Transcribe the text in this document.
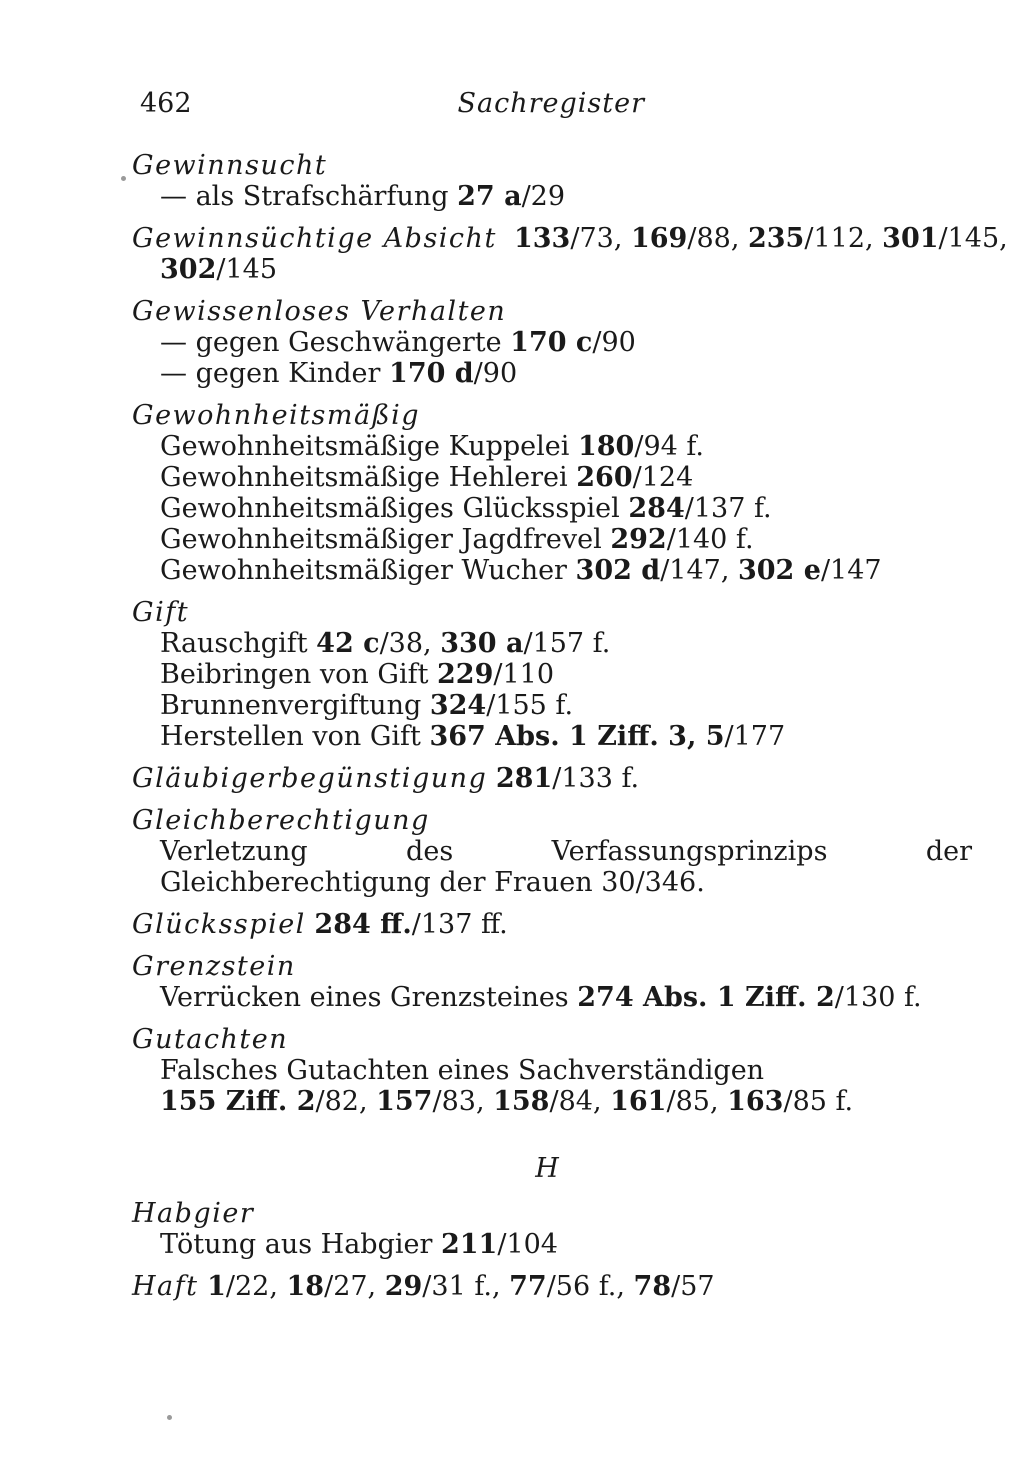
462	Sachregister
Gewinnsucht
— als Strafschärfung 27 a/29
Gewinnsüchtige Absicht 133/73, 169/88, 235/112, 301/145,
302/145
Gewissenloses Verhalten
— gegen Geschwängerte 170 c/90
— gegen Kinder 170 d/90
Gewohnheitsmäßig
Gewohnheitsmäßige Kuppelei 180/94 f.
Gewohnheitsmäßige Hehlerei 260/124
Gewohnheitsmäßiges Glücksspiel 284/137 f.
Gewohnheitsmäßiger Jagdfrevel 292/140 f.
Gewohnheitsmäßiger Wucher 302 d/147, 302 e/147
Gift
Rauschgift 42 c/38, 330 a/157 f.
Beibringen von Gift 229/110
Brunnenvergiftung 324/155 f.
Herstellen von Gift 367 Abs. 1 Ziff. 3, 5/177
Gläubigerbegünstigung 281/133 f.
Gleichberechtigung
Verletzung des Verfassungsprinzips der Gleichberechtigung der Frauen 30/346.
Glücksspiel 284 ff./137 ff.
Grenzstein
Verrücken eines Grenzsteines 274 Abs. 1 Ziff. 2/130 f.
Gutachten
Falsches Gutachten eines Sachverständigen
155 Ziff. 2/82, 157/83, 158/84, 161/85, 163/85 f.
H
Habgier
Tötung aus Habgier 211/104
Haft 1/22, 18/27, 29/31 f., 77/56 f., 78/57
